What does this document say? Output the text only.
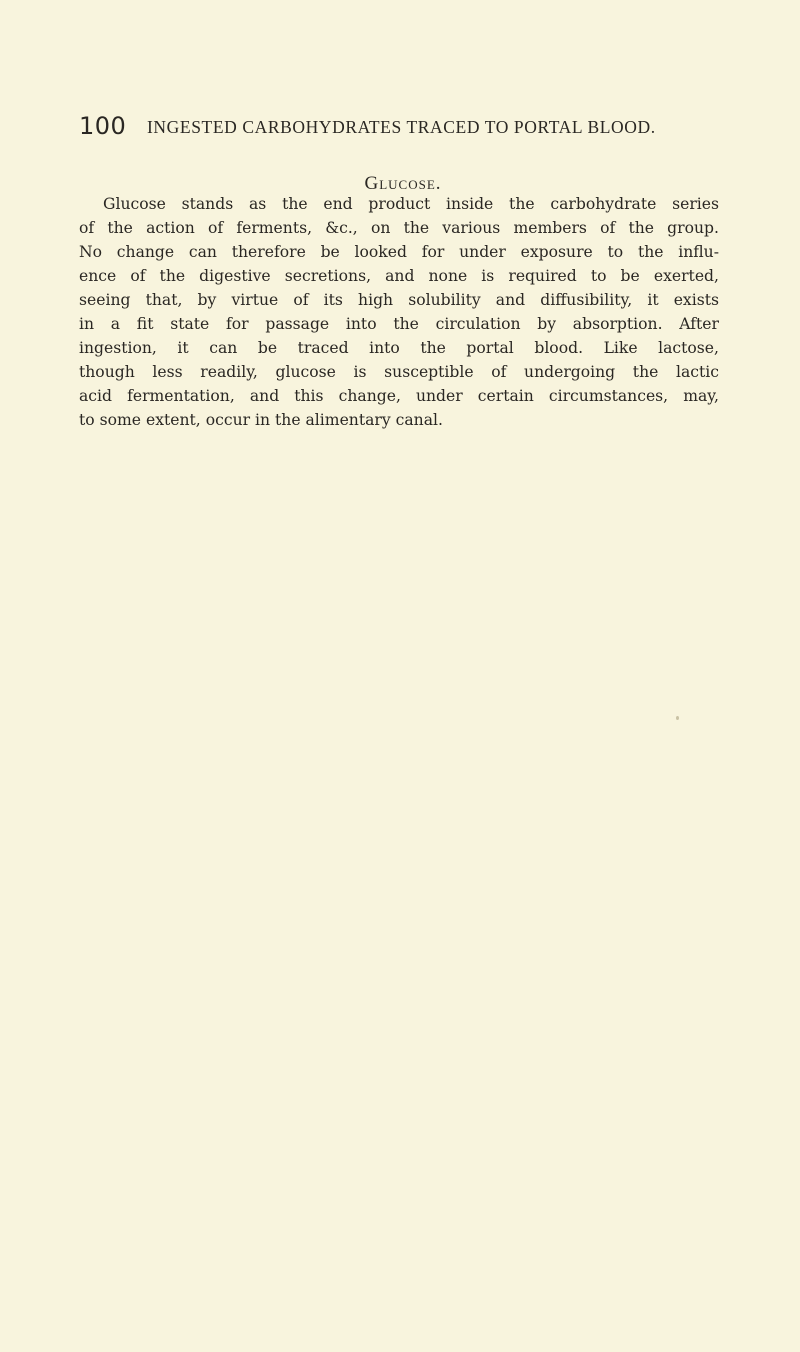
100 INGESTED CARBOHYDRATES TRACED TO PORTAL BLOOD.
Glucose.
Glucose stands as the end product inside the carbohydrate series
of the action of ferments, &c., on the various members of the group.
No change can therefore be looked for under exposure to the influ-
ence of the digestive secretions, and none is required to be exerted,
seeing that, by virtue of its high solubility and diffusibility, it exists
in a fit state for passage into the circulation by absorption. After
ingestion, it can be traced into the portal blood. Like lactose,
though less readily, glucose is susceptible of undergoing the lactic
acid fermentation, and this change, under certain circumstances, may,
to some extent, occur in the alimentary canal.
